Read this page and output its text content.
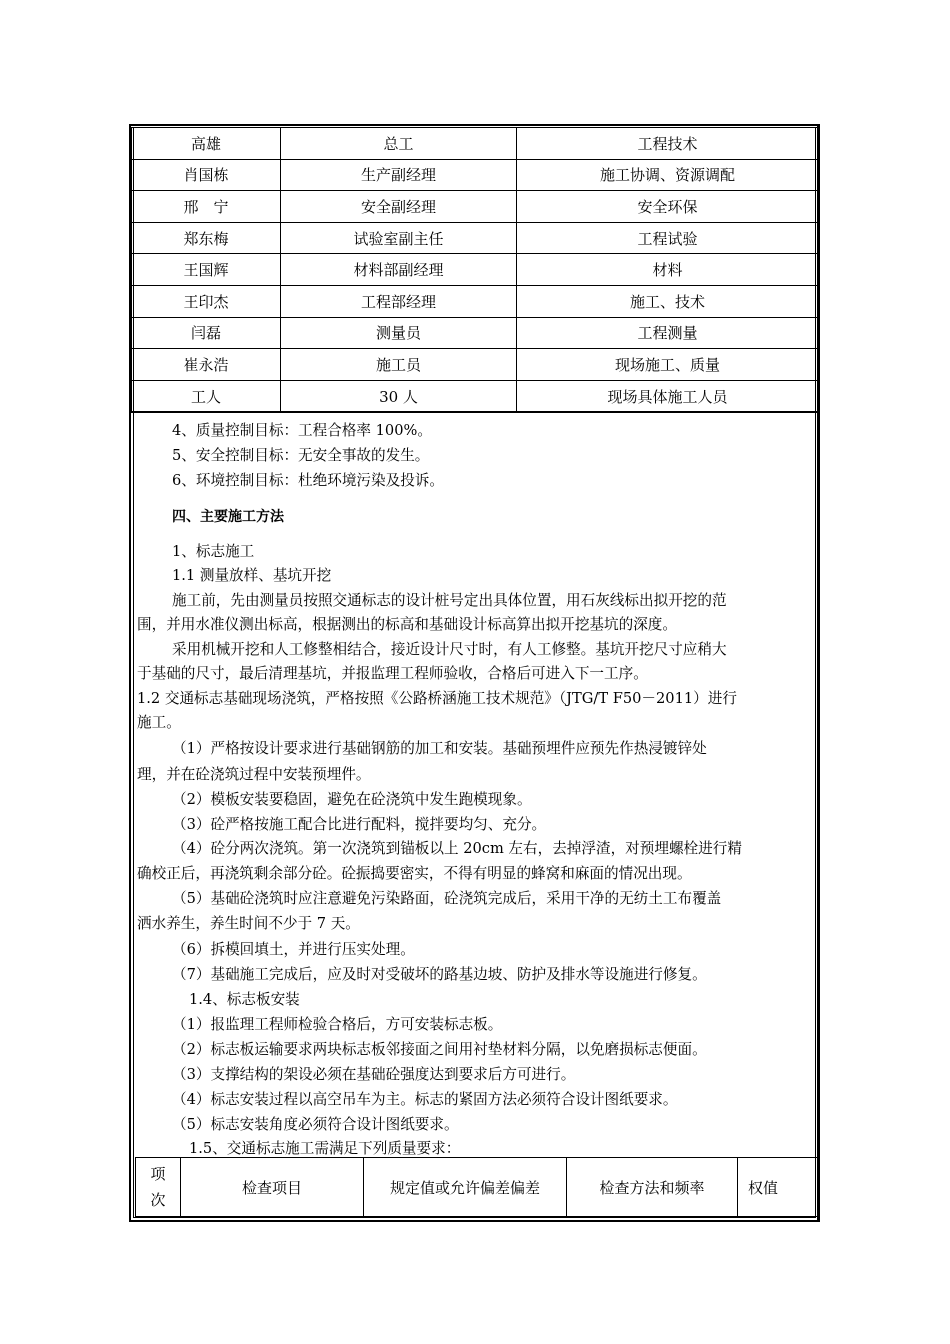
高雄	总工	工程技术
肖国栋	生产副经理	施工协调、资源调配
邢　宁	安全副经理	安全环保
郑东梅	试验室副主任	工程试验
王国辉	材料部副经理	材料
王印杰	工程部经理	施工、技术
闫磊	测量员	工程测量
崔永浩	施工员	现场施工、质量
工人	30 人	现场具体施工人员
4、质量控制目标：工程合格率 100%。
5、安全控制目标：无安全事故的发生。
6、环境控制目标：杜绝环境污染及投诉。
四、主要施工方法
1、标志施工
1.1 测量放样、基坑开挖
施工前，先由测量员按照交通标志的设计桩号定出具体位置，用石灰线标出拟开挖的范
围，并用水准仪测出标高，根据测出的标高和基础设计标高算出拟开挖基坑的深度。
采用机械开挖和人工修整相结合，接近设计尺寸时，有人工修整。基坑开挖尺寸应稍大
于基础的尺寸，最后清理基坑，并报监理工程师验收，合格后可进入下一工序。
1.2 交通标志基础现场浇筑，严格按照《公路桥涵施工技术规范》（JTG/T F50－2011）进行
施工。
（1）严格按设计要求进行基础钢筋的加工和安装。基础预埋件应预先作热浸镀锌处
理，并在砼浇筑过程中安装预埋件。
（2）模板安装要稳固，避免在砼浇筑中发生跑模现象。
（3）砼严格按施工配合比进行配料，搅拌要均匀、充分。
（4）砼分两次浇筑。第一次浇筑到锚板以上 20cm 左右，去掉浮渣，对预埋螺栓进行精
确校正后，再浇筑剩余部分砼。砼振捣要密实，不得有明显的蜂窝和麻面的情况出现。
（5）基础砼浇筑时应注意避免污染路面，砼浇筑完成后，采用干净的无纺土工布覆盖
洒水养生，养生时间不少于 7 天。
（6）拆模回填土，并进行压实处理。
（7）基础施工完成后，应及时对受破坏的路基边坡、防护及排水等设施进行修复。
1.4、标志板安装
（1）报监理工程师检验合格后，方可安装标志板。
（2）标志板运输要求两块标志板邻接面之间用衬垫材料分隔，以免磨损标志便面。
（3）支撑结构的架设必须在基础砼强度达到要求后方可进行。
（4）标志安装过程以高空吊车为主。标志的紧固方法必须符合设计图纸要求。
（5）标志安装角度必须符合设计图纸要求。
1.5、交通标志施工需满足下列质量要求：
项
次
	检查项目	规定值或允许偏差偏差	检查方法和频率	权值
